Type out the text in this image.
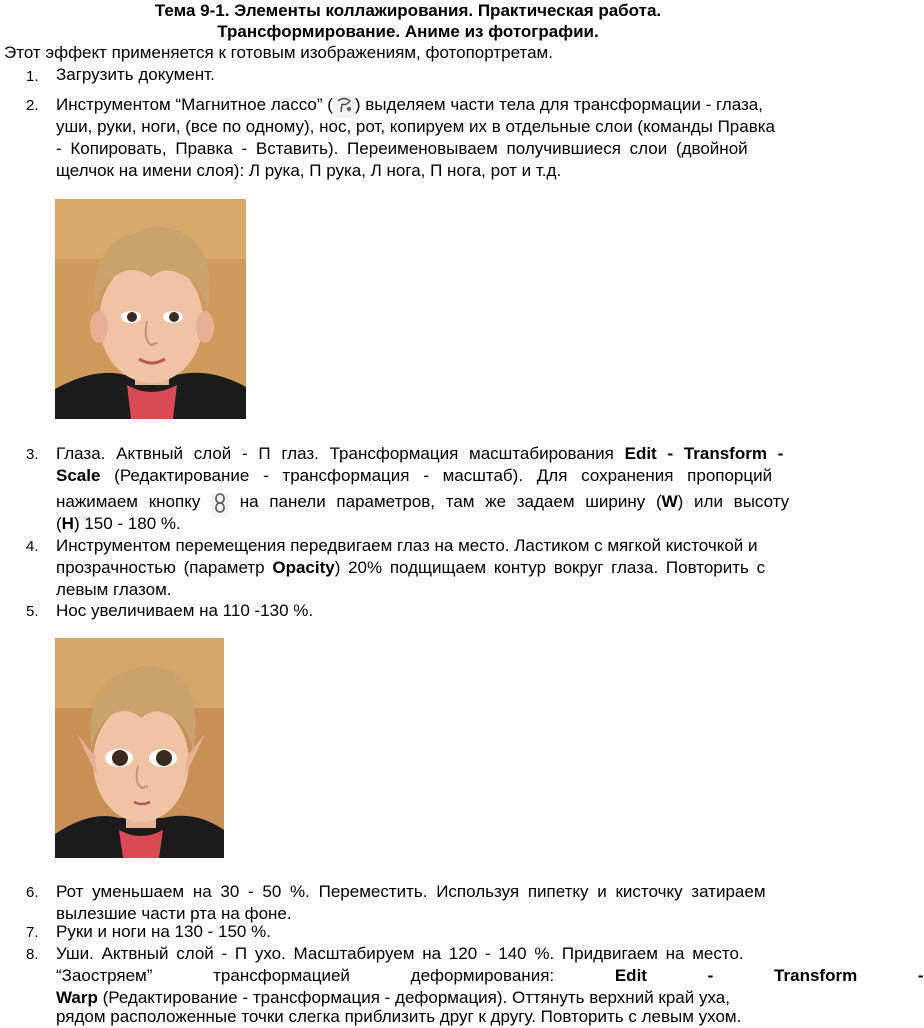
Тема 9-1. Элементы коллажирования. Практическая работа.
Трансформирование. Аниме из фотографии.
Этот эффект применяется к готовым изображениям, фотопортретам.
1. Загрузить документ.
2. Инструментом “Магнитное лассо” ( ) выделяем части тела для трансформации - глаза,
уши, руки, ноги, (все по одному), нос, рот, копируем их в отдельные слои (команды Правка
- Копировать, Правка - Вставить). Переименовываем получившиеся слои (двойной
щелчок на имени слоя): Л рука, П рука, Л нога, П нога, рот и т.д.
3. Глаза. Актвный слой - П глаз. Трансформация масштабирования Edit - Transform -
Scale (Редактирование - трансформация - масштаб). Для сохранения пропорций
нажимаем кнопку  на панели параметров, там же задаем ширину (W) или высоту
(H) 150 - 180 %.
4. Инструментом перемещения передвигаем глаз на место. Ластиком с мягкой кисточкой и
прозрачностью (параметр Opacity) 20% подщищаем контур вокруг глаза. Повторить с
левым глазом.
5. Нос увеличиваем на 110 -130 %.
6. Рот уменьшаем на 30 - 50 %. Переместить. Используя пипетку и кисточку затираем
вылезшие части рта на фоне.
7. Руки и ноги на 130 - 150 %.
8. Уши. Актвный слой - П ухо. Масштабируем на 120 - 140 %. Придвигаем на место.
“Заостряем” трансформацией деформирования: Edit - Transform -
Warp (Редактирование - трансформация - деформация). Оттянуть верхний край уха,
рядом расположенные точки слегка приблизить друг к другу. Повторить с левым ухом.
